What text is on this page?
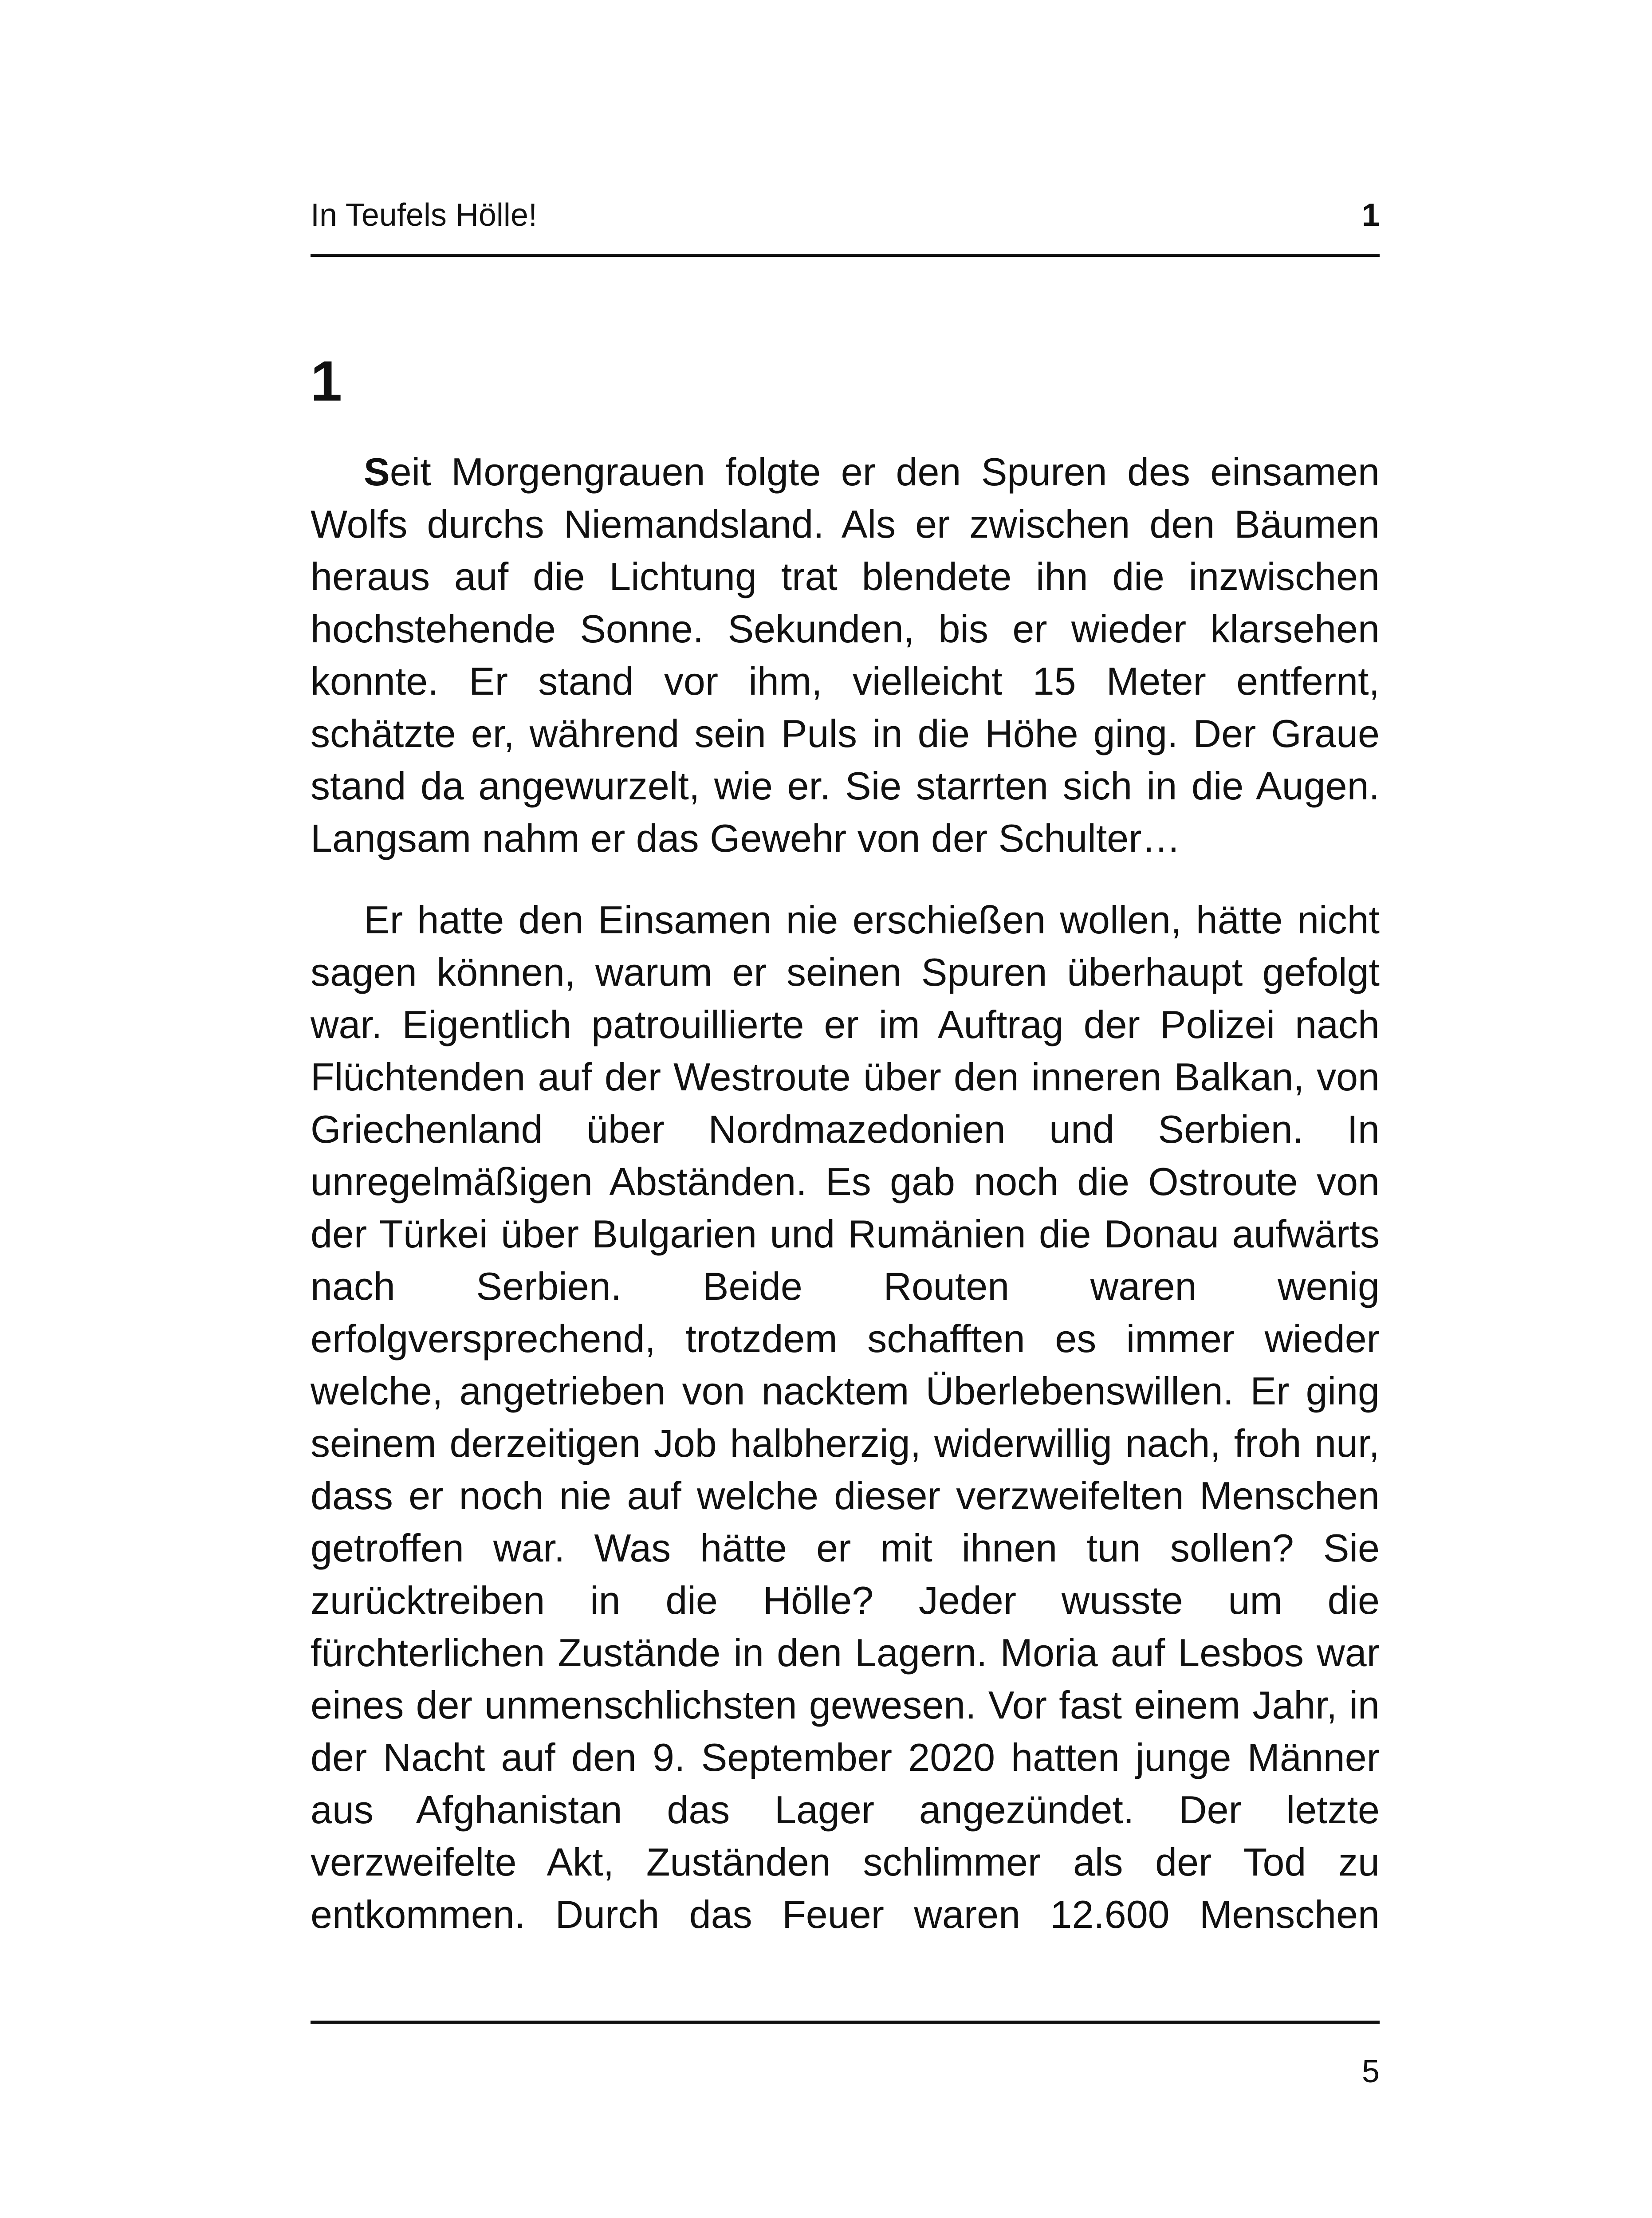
In Teufels Hölle!	1
1

Seit Morgengrauen folgte er den Spuren des einsamen Wolfs durchs Niemandsland. Als er zwischen den Bäumen heraus auf die Lichtung trat blendete ihn die inzwischen hochstehende Sonne. Sekunden, bis er wieder klarsehen konnte. Er stand vor ihm, vielleicht 15 Meter entfernt, schätzte er, während sein Puls in die Höhe ging. Der Graue stand da angewurzelt, wie er. Sie starrten sich in die Augen. Langsam nahm er das Gewehr von der Schulter…

Er hatte den Einsamen nie erschießen wollen, hätte nicht sagen können, warum er seinen Spuren überhaupt gefolgt war. Eigentlich patrouillierte er im Auftrag der Polizei nach Flüchtenden auf der Westroute über den inneren Balkan, von Griechenland über Nordmazedonien und Serbien. In unregelmäßigen Abständen. Es gab noch die Ostroute von der Türkei über Bulgarien und Rumänien die Donau aufwärts nach Serbien. Beide Routen waren wenig erfolgversprechend, trotzdem schafften es immer wieder welche, angetrieben von nacktem Überlebenswillen. Er ging seinem derzeitigen Job halbherzig, widerwillig nach, froh nur, dass er noch nie auf welche dieser verzweifelten Menschen getroffen war. Was hätte er mit ihnen tun sollen? Sie zurücktreiben in die Hölle? Jeder wusste um die fürchterlichen Zustände in den Lagern. Moria auf Lesbos war eines der unmenschlichsten gewesen. Vor fast einem Jahr, in der Nacht auf den 9. September 2020 hatten junge Männer aus Afghanistan das Lager angezündet. Der letzte verzweifelte Akt, Zuständen schlimmer als der Tod zu entkommen. Durch das Feuer waren 12.600 Menschen

5
